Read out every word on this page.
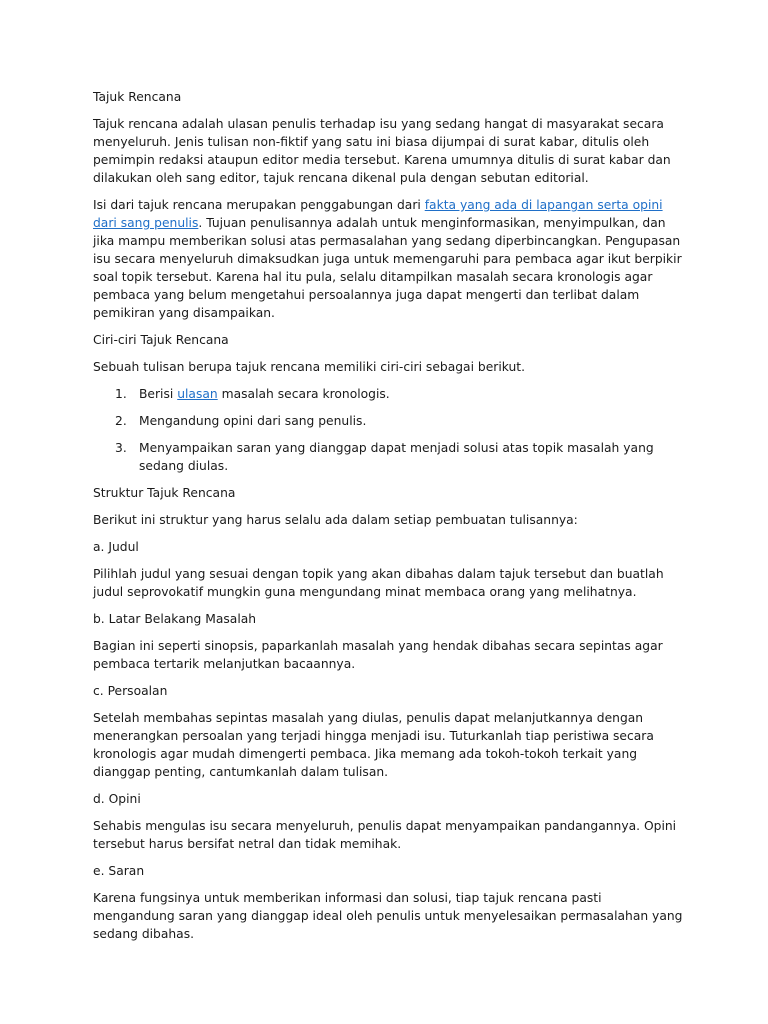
Tajuk Rencana

Tajuk rencana adalah ulasan penulis terhadap isu yang sedang hangat di masyarakat secara menyeluruh. Jenis tulisan non-fiktif yang satu ini biasa dijumpai di surat kabar, ditulis oleh pemimpin redaksi ataupun editor media tersebut. Karena umumnya ditulis di surat kabar dan dilakukan oleh sang editor, tajuk rencana dikenal pula dengan sebutan editorial.

Isi dari tajuk rencana merupakan penggabungan dari fakta yang ada di lapangan serta opini dari sang penulis. Tujuan penulisannya adalah untuk menginformasikan, menyimpulkan, dan jika mampu memberikan solusi atas permasalahan yang sedang diperbincangkan. Pengupasan isu secara menyeluruh dimaksudkan juga untuk memengaruhi para pembaca agar ikut berpikir soal topik tersebut. Karena hal itu pula, selalu ditampilkan masalah secara kronologis agar pembaca yang belum mengetahui persoalannya juga dapat mengerti dan terlibat dalam pemikiran yang disampaikan.

Ciri-ciri Tajuk Rencana

Sebuah tulisan berupa tajuk rencana memiliki ciri-ciri sebagai berikut.

1. Berisi ulasan masalah secara kronologis.
2. Mengandung opini dari sang penulis.
3. Menyampaikan saran yang dianggap dapat menjadi solusi atas topik masalah yang sedang diulas.

Struktur Tajuk Rencana

Berikut ini struktur yang harus selalu ada dalam setiap pembuatan tulisannya:

a. Judul

Pilihlah judul yang sesuai dengan topik yang akan dibahas dalam tajuk tersebut dan buatlah judul seprovokatif mungkin guna mengundang minat membaca orang yang melihatnya.

b. Latar Belakang Masalah

Bagian ini seperti sinopsis, paparkanlah masalah yang hendak dibahas secara sepintas agar pembaca tertarik melanjutkan bacaannya.

c. Persoalan

Setelah membahas sepintas masalah yang diulas, penulis dapat melanjutkannya dengan menerangkan persoalan yang terjadi hingga menjadi isu. Tuturkanlah tiap peristiwa secara kronologis agar mudah dimengerti pembaca. Jika memang ada tokoh-tokoh terkait yang dianggap penting, cantumkanlah dalam tulisan.

d. Opini

Sehabis mengulas isu secara menyeluruh, penulis dapat menyampaikan pandangannya. Opini tersebut harus bersifat netral dan tidak memihak.

e. Saran

Karena fungsinya untuk memberikan informasi dan solusi, tiap tajuk rencana pasti mengandung saran yang dianggap ideal oleh penulis untuk menyelesaikan permasalahan yang sedang dibahas.
